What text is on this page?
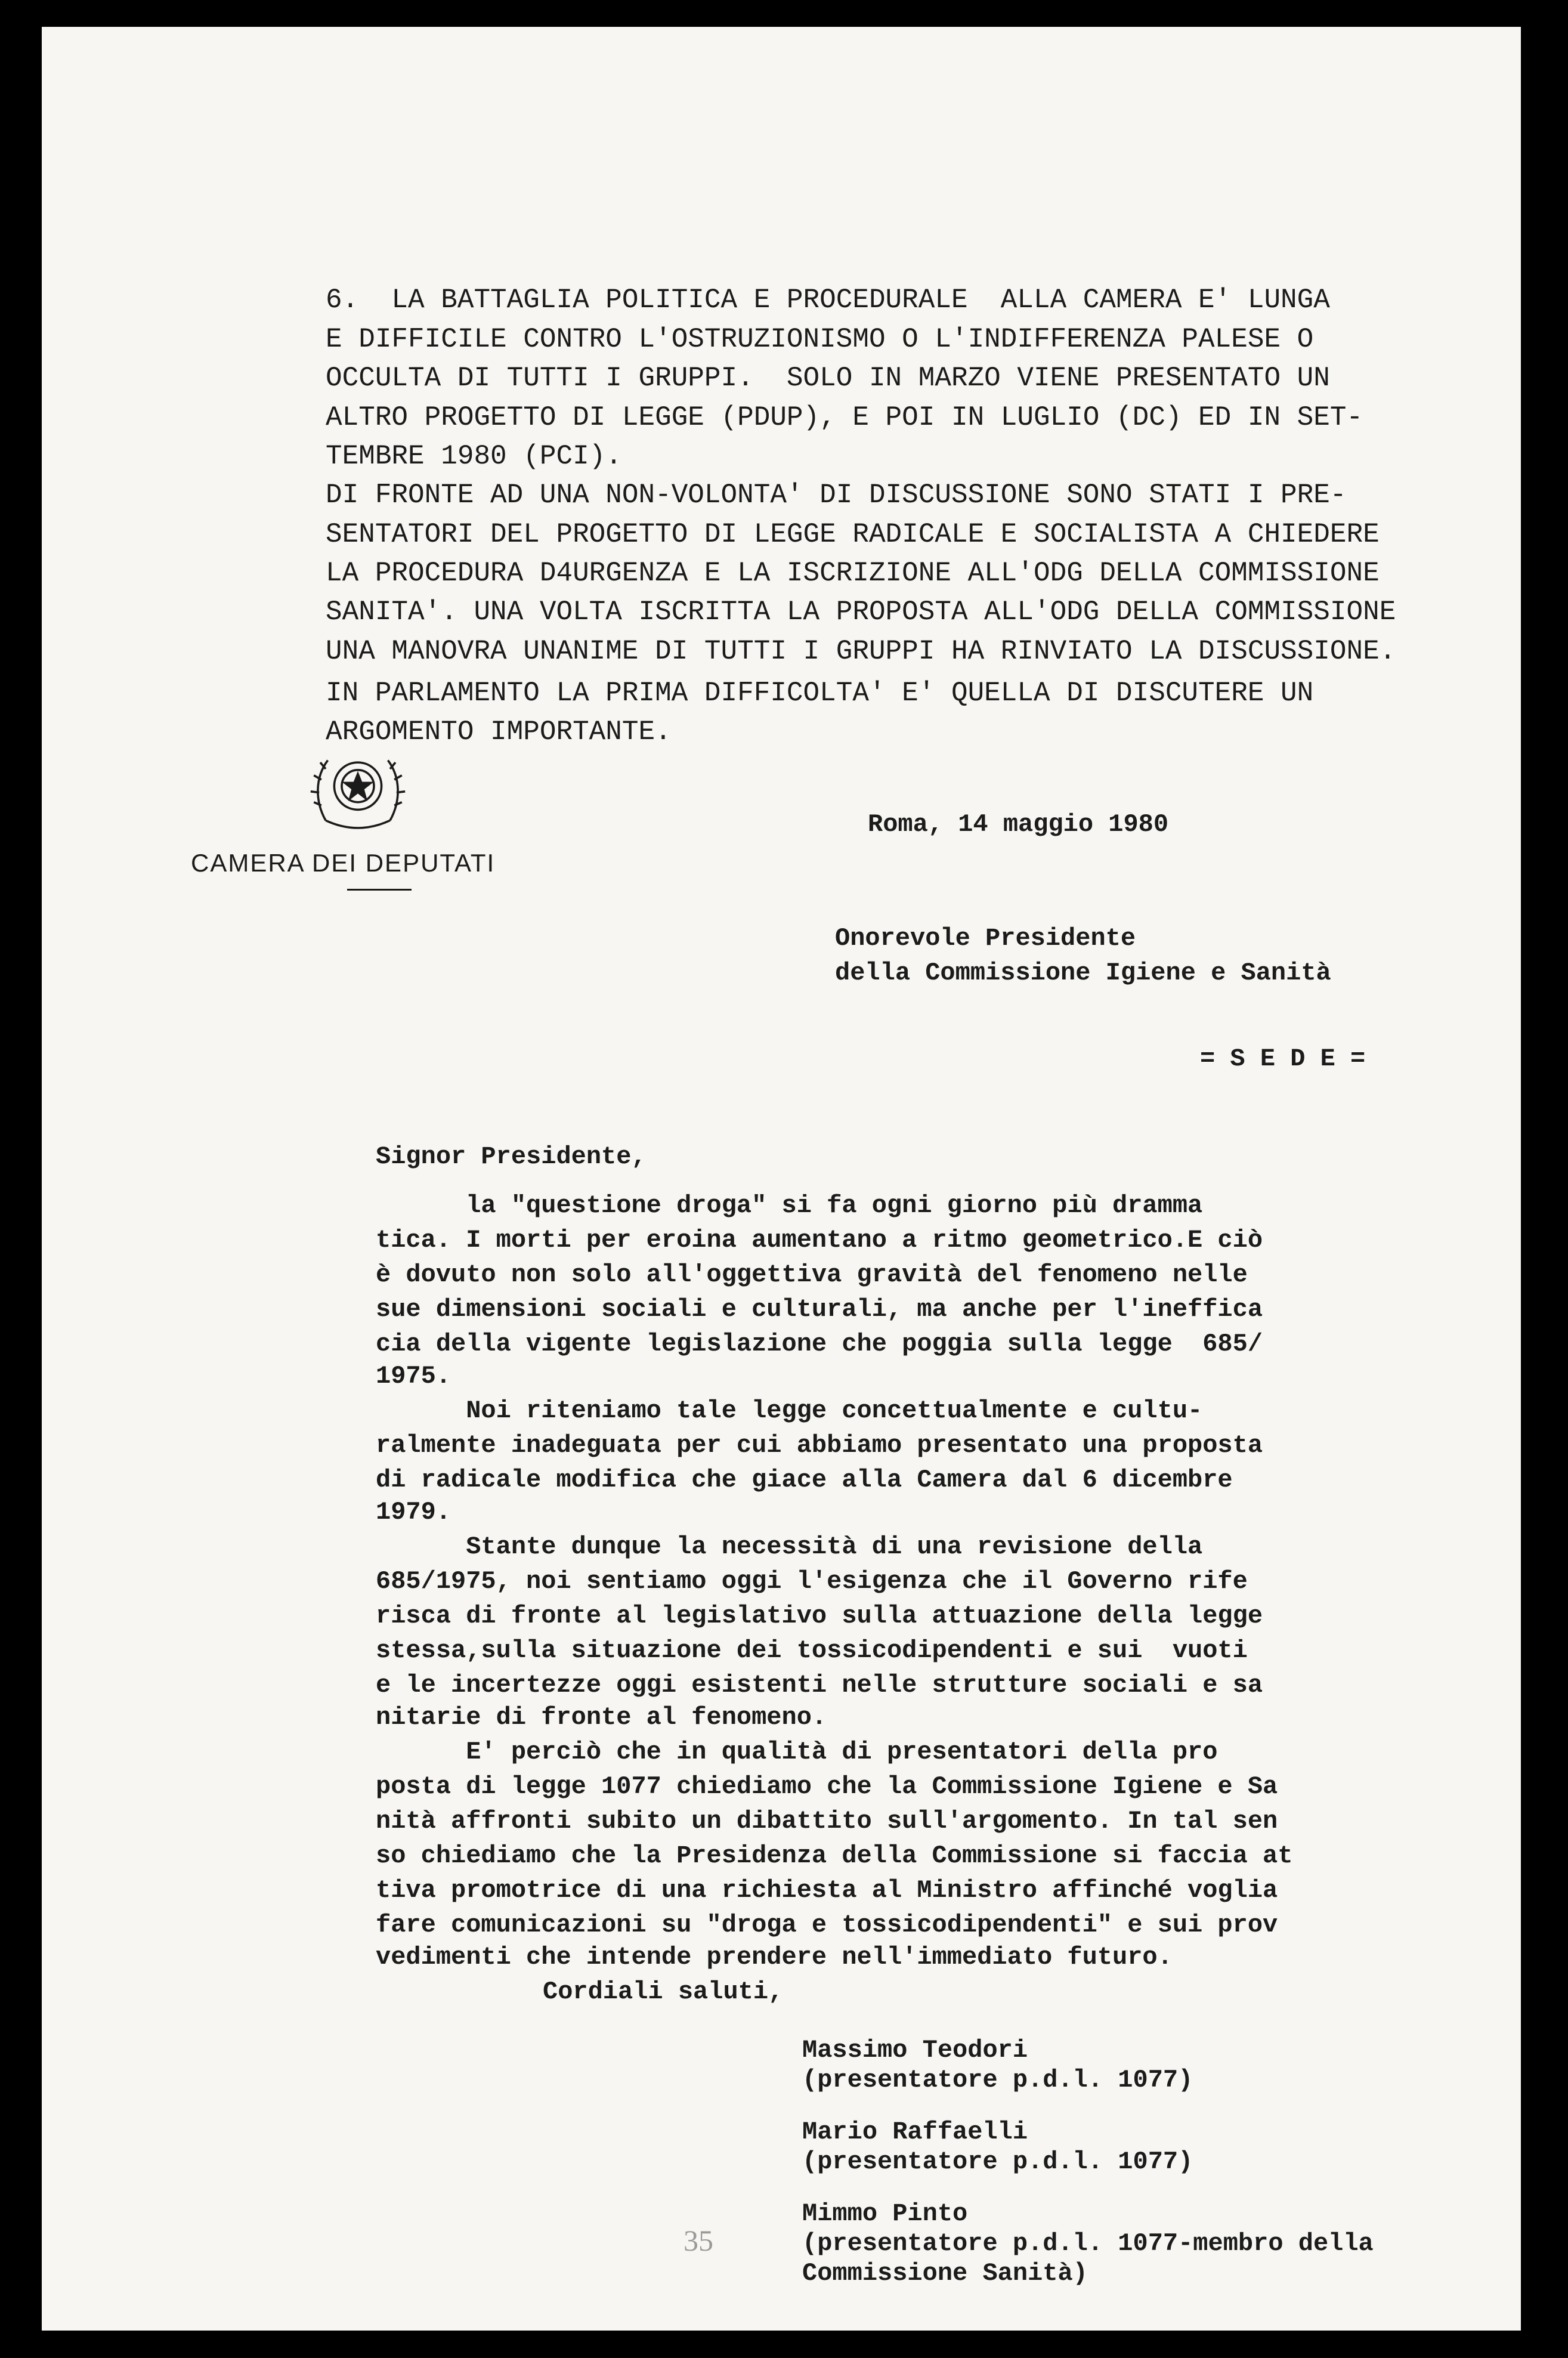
6.  LA BATTAGLIA POLITICA E PROCEDURALE  ALLA CAMERA E' LUNGA
E DIFFICILE CONTRO L'OSTRUZIONISMO O L'INDIFFERENZA PALESE O
OCCULTA DI TUTTI I GRUPPI.  SOLO IN MARZO VIENE PRESENTATO UN
ALTRO PROGETTO DI LEGGE (PDUP), E POI IN LUGLIO (DC) ED IN SET-
TEMBRE 1980 (PCI).
DI FRONTE AD UNA NON-VOLONTA' DI DISCUSSIONE SONO STATI I PRE-
SENTATORI DEL PROGETTO DI LEGGE RADICALE E SOCIALISTA A CHIEDERE
LA PROCEDURA D4URGENZA E LA ISCRIZIONE ALL'ODG DELLA COMMISSIONE
SANITA'. UNA VOLTA ISCRITTA LA PROPOSTA ALL'ODG DELLA COMMISSIONE
UNA MANOVRA UNANIME DI TUTTI I GRUPPI HA RINVIATO LA DISCUSSIONE.
IN PARLAMENTO LA PRIMA DIFFICOLTA' E' QUELLA DI DISCUTERE UN
ARGOMENTO IMPORTANTE.
CAMERA DEI DEPUTATI
Roma, 14 maggio 1980
Onorevole Presidente
della Commissione Igiene e Sanità
= S E D E =
Signor Presidente,
la "questione droga" si fa ogni giorno più dramma
tica. I morti per eroina aumentano a ritmo geometrico.E ciò
è dovuto non solo all'oggettiva gravità del fenomeno nelle
sue dimensioni sociali e culturali, ma anche per l'ineffica
cia della vigente legislazione che poggia sulla legge  685/
1975.
Noi riteniamo tale legge concettualmente e cultu-
ralmente inadeguata per cui abbiamo presentato una proposta
di radicale modifica che giace alla Camera dal 6 dicembre
1979.
Stante dunque la necessità di una revisione della
685/1975, noi sentiamo oggi l'esigenza che il Governo rife
risca di fronte al legislativo sulla attuazione della legge
stessa,sulla situazione dei tossicodipendenti e sui  vuoti
e le incertezze oggi esistenti nelle strutture sociali e sa
nitarie di fronte al fenomeno.
E' perciò che in qualità di presentatori della pro
posta di legge 1077 chiediamo che la Commissione Igiene e Sa
nità affronti subito un dibattito sull'argomento. In tal sen
so chiediamo che la Presidenza della Commissione si faccia at
tiva promotrice di una richiesta al Ministro affinché voglia
fare comunicazioni su "droga e tossicodipendenti" e sui prov
vedimenti che intende prendere nell'immediato futuro.
Cordiali saluti,
Massimo Teodori
(presentatore p.d.l. 1077)
Mario Raffaelli
(presentatore p.d.l. 1077)
Mimmo Pinto
(presentatore p.d.l. 1077-membro della
Commissione Sanità)
35
